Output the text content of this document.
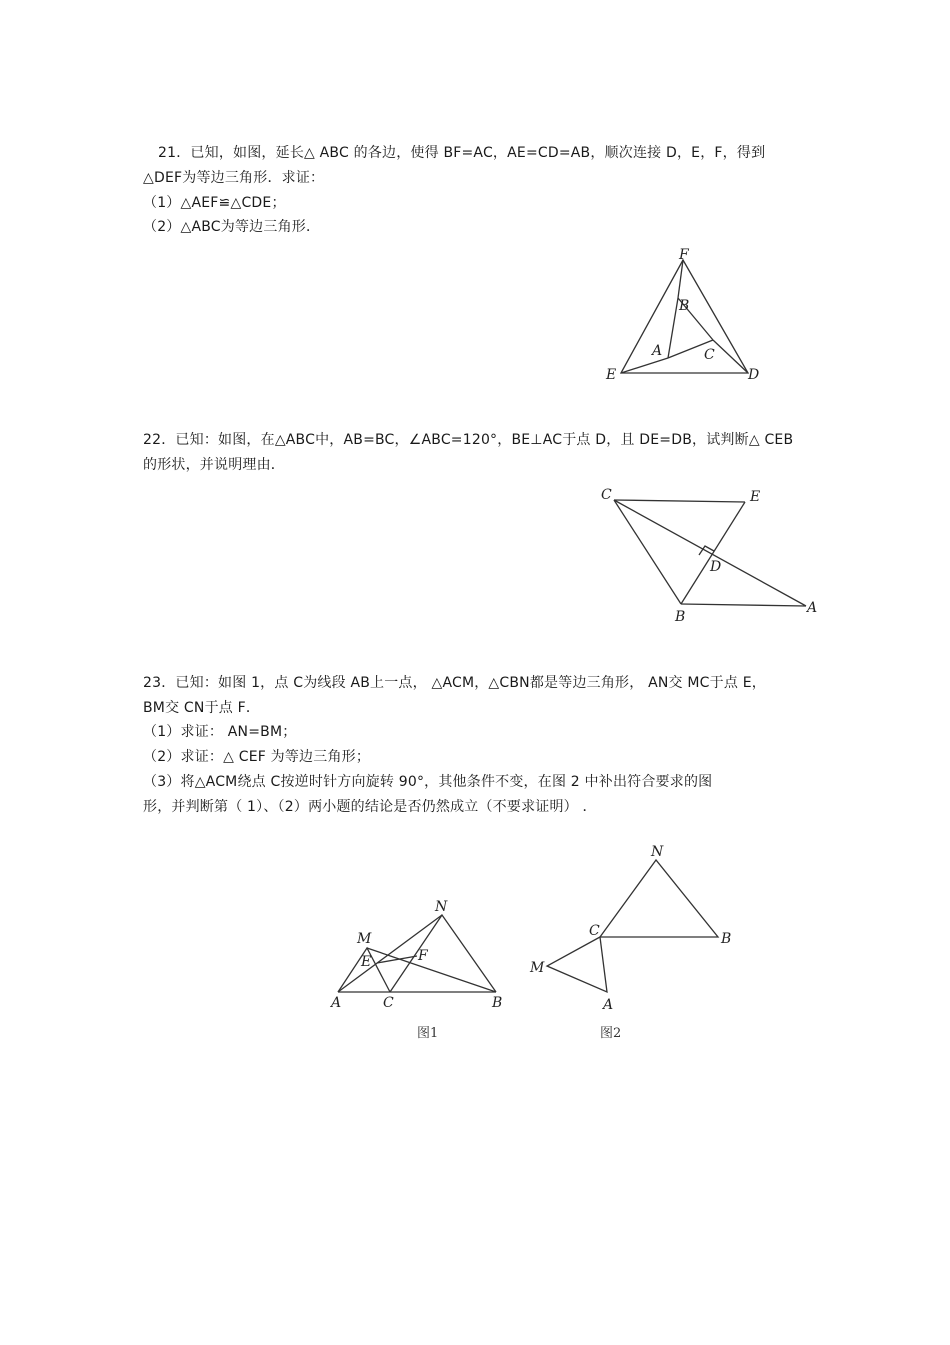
21．已知，如图，延长△ ABC 的各边，使得 BF=AC，AE=CD=AB，顺次连接 D，E，F，得到
△DEF为等边三角形．求证：
（1）△AEF≌△CDE；
（2）△ABC为等边三角形．
F
B
A	C
E	D
22．已知：如图，在△ABC中，AB=BC，∠ABC=120°，BE⊥AC于点 D，且 DE=DB，试判断△ CEB
的形状，并说明理由．
C	E
D
B
A
23．已知：如图 1，点 C为线段 AB上一点， △ACM，△CBN都是等边三角形， AN交 MC于点 E，
BM交 CN于点 F．
（1）求证： AN=BM；
（2）求证：△ CEF 为等边三角形；
（3）将△ACM绕点 C按逆时针方向旋转 90°，其他条件不变，在图 2 中补出符合要求的图
形，并判断第（ 1）、（2）两小题的结论是否仍然成立（不要求证明） ．
M
N
E	F
A	C	B
图1
N
C	B
M
A
图2
